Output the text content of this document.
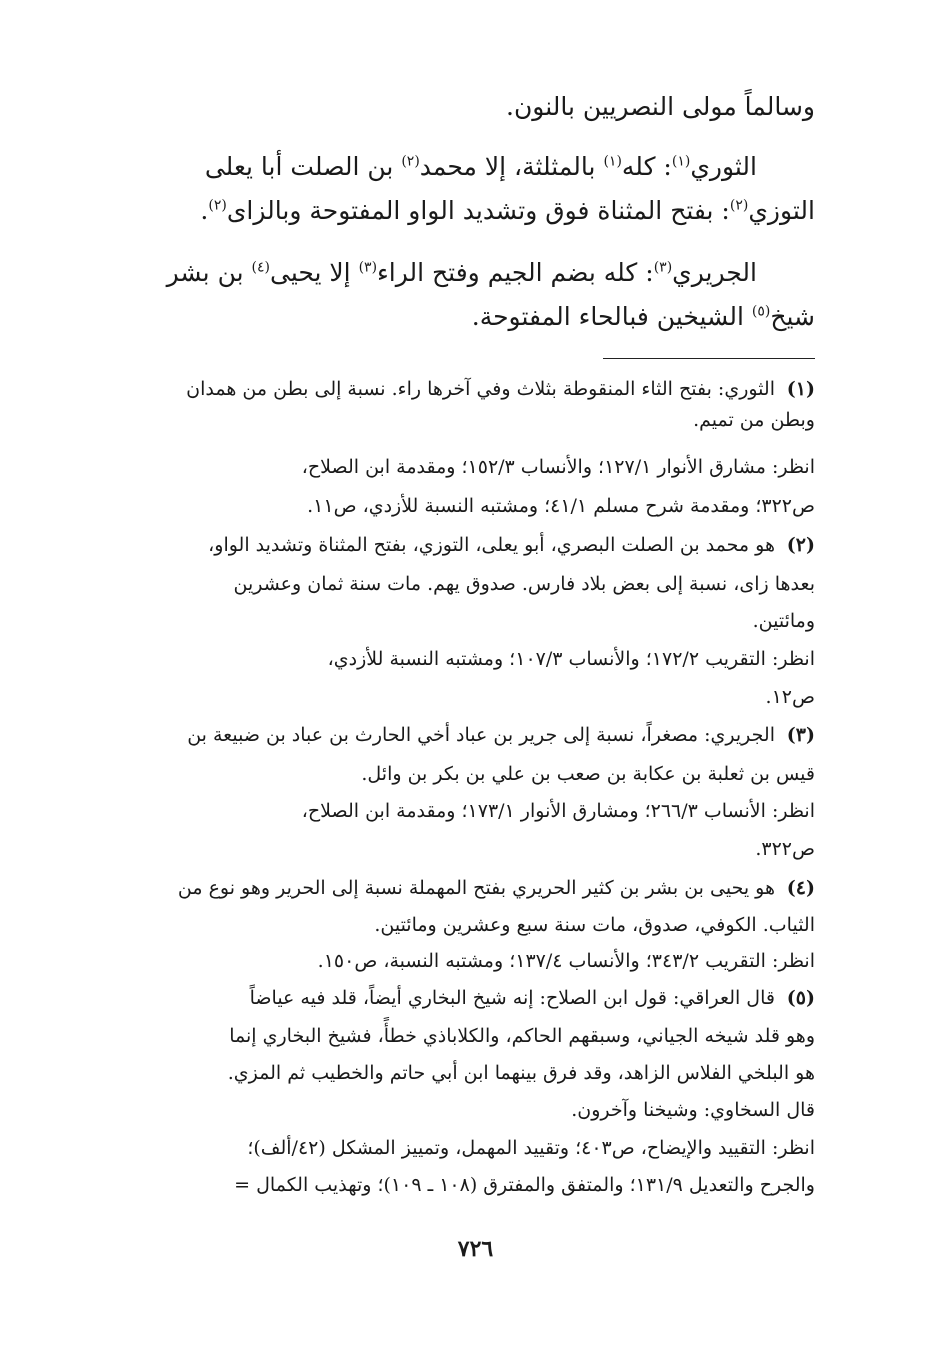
وسالماً مولى النصريين بالنون.

الثوري$^{(١)}$: كله$^{(١)}$ بالمثلثة، إلا محمد$^{(٢)}$ بن الصلت أبا يعلى

التوزي$^{(٢)}$: بفتح المثناة فوق وتشديد الواو المفتوحة وبالزاى$^{(٢)}$.

الجريري$^{(٣)}$: كله بضم الجيم وفتح الراء$^{(٣)}$ إلا يحيى$^{(٤)}$ بن بشر

شيخ$^{(٥)}$ الشيخين فبالحاء المفتوحة.

(١)الثوري: بفتح الثاء المنقوطة بثلاث وفي آخرها راء. نسبة إلى بطن من همدان
وبطن من تميم.
انظر: مشارق الأنوار ١٢٧/١؛ والأنساب ١٥٢/٣؛ ومقدمة ابن الصلاح،
ص٣٢٢؛ ومقدمة شرح مسلم ٤١/١؛ ومشتبه النسبة للأزدي، ص١١.
(٢)هو محمد بن الصلت البصري، أبو يعلى، التوزي، بفتح المثناة وتشديد الواو،
بعدها زاى، نسبة إلى بعض بلاد فارس. صدوق يهم. مات سنة ثمان وعشرين
ومائتين.
انظر: التقريب ١٧٢/٢؛ والأنساب ١٠٧/٣؛ ومشتبه النسبة للأزدي،
ص١٢.
(٣)الجريري: مصغراً، نسبة إلى جرير بن عباد أخي الحارث بن عباد بن ضبيعة بن
قيس بن ثعلبة بن عكابة بن صعب بن علي بن بكر بن وائل.
انظر: الأنساب ٢٦٦/٣؛ ومشارق الأنوار ١٧٣/١؛ ومقدمة ابن الصلاح،
ص٣٢٢.
(٤)هو يحيى بن بشر بن كثير الحريري بفتح المهملة نسبة إلى الحرير وهو نوع من
الثياب. الكوفي، صدوق، مات سنة سبع وعشرين ومائتين.
انظر: التقريب ٣٤٣/٢؛ والأنساب ١٣٧/٤؛ ومشتبه النسبة، ص١٥٠.
(٥)قال العراقي: قول ابن الصلاح: إنه شيخ البخاري أيضاً، قلد فيه عياضاً
وهو قلد شيخه الجياني، وسبقهم الحاكم، والكلاباذي خطأً، فشيخ البخاري إنما
هو البلخي الفلاس الزاهد، وقد فرق بينهما ابن أبي حاتم والخطيب ثم المزي.
قال السخاوي: وشيخنا وآخرون.
انظر: التقييد والإيضاح، ص٤٠٣؛ وتقييد المهمل، وتمييز المشكل (٤٢/ألف)؛
والجرح والتعديل ١٣١/٩؛ والمتفق والمفترق (١٠٨ ـ ١٠٩)؛ وتهذيب الكمال =
٧٢٦
